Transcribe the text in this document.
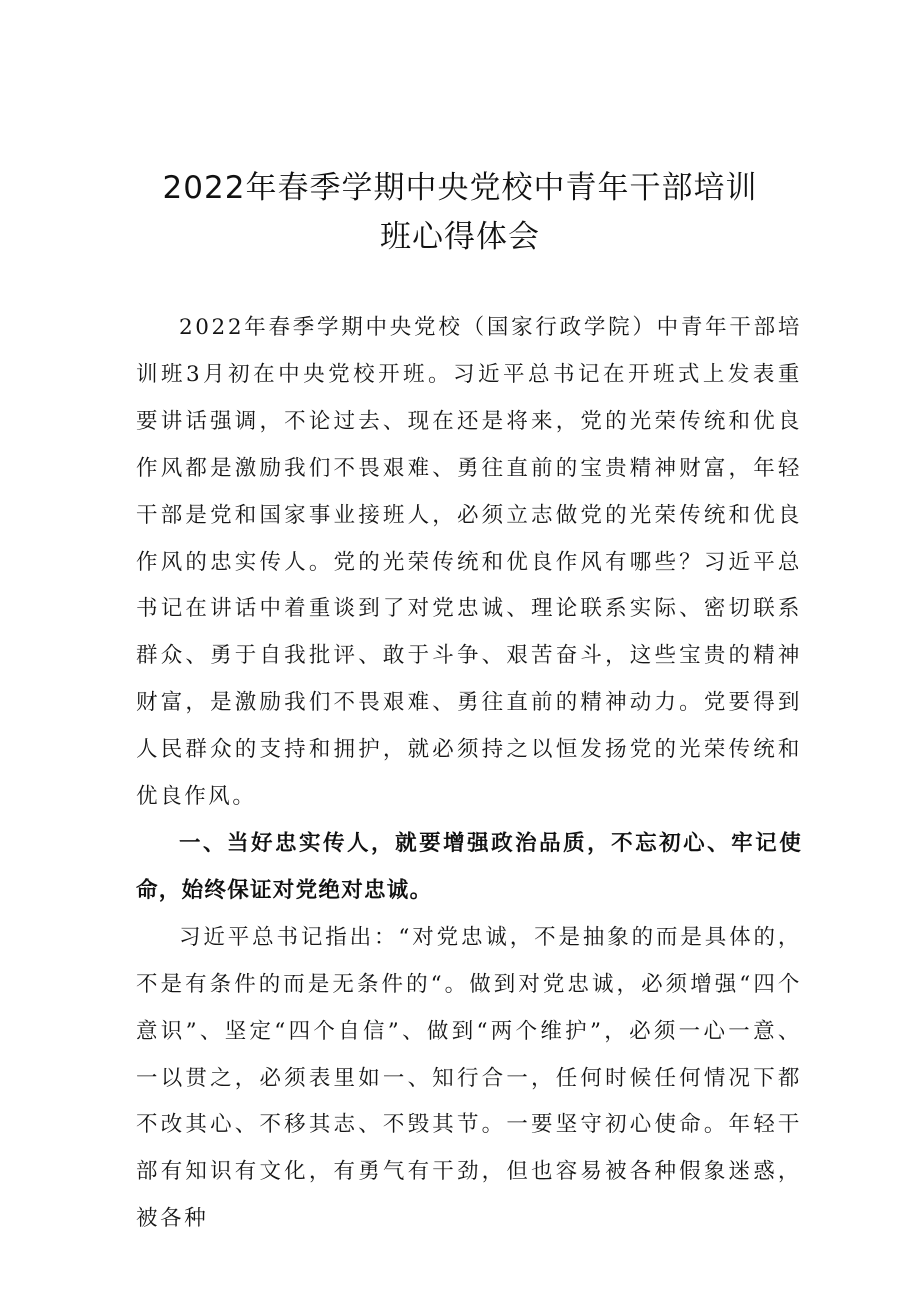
2022年春季学期中央党校中青年干部培训
班心得体会

2022年春季学期中央党校（国家行政学院）中青年干部培训班3月初在中央党校开班。习近平总书记在开班式上发表重要讲话强调，不论过去、现在还是将来，党的光荣传统和优良作风都是激励我们不畏艰难、勇往直前的宝贵精神财富，年轻干部是党和国家事业接班人，必须立志做党的光荣传统和优良作风的忠实传人。党的光荣传统和优良作风有哪些？习近平总书记在讲话中着重谈到了对党忠诚、理论联系实际、密切联系群众、勇于自我批评、敢于斗争、艰苦奋斗，这些宝贵的精神财富，是激励我们不畏艰难、勇往直前的精神动力。党要得到人民群众的支持和拥护，就必须持之以恒发扬党的光荣传统和优良作风。

一、当好忠实传人，就要增强政治品质，不忘初心、牢记使命，始终保证对党绝对忠诚。

习近平总书记指出：“对党忠诚，不是抽象的而是具体的，不是有条件的而是无条件的“。做到对党忠诚，必须增强“四个意识”、坚定“四个自信”、做到“两个维护”，必须一心一意、一以贯之，必须表里如一、知行合一，任何时候任何情况下都不改其心、不移其志、不毁其节。一要坚守初心使命。年轻干部有知识有文化，有勇气有干劲，但也容易被各种假象迷惑，被各种
